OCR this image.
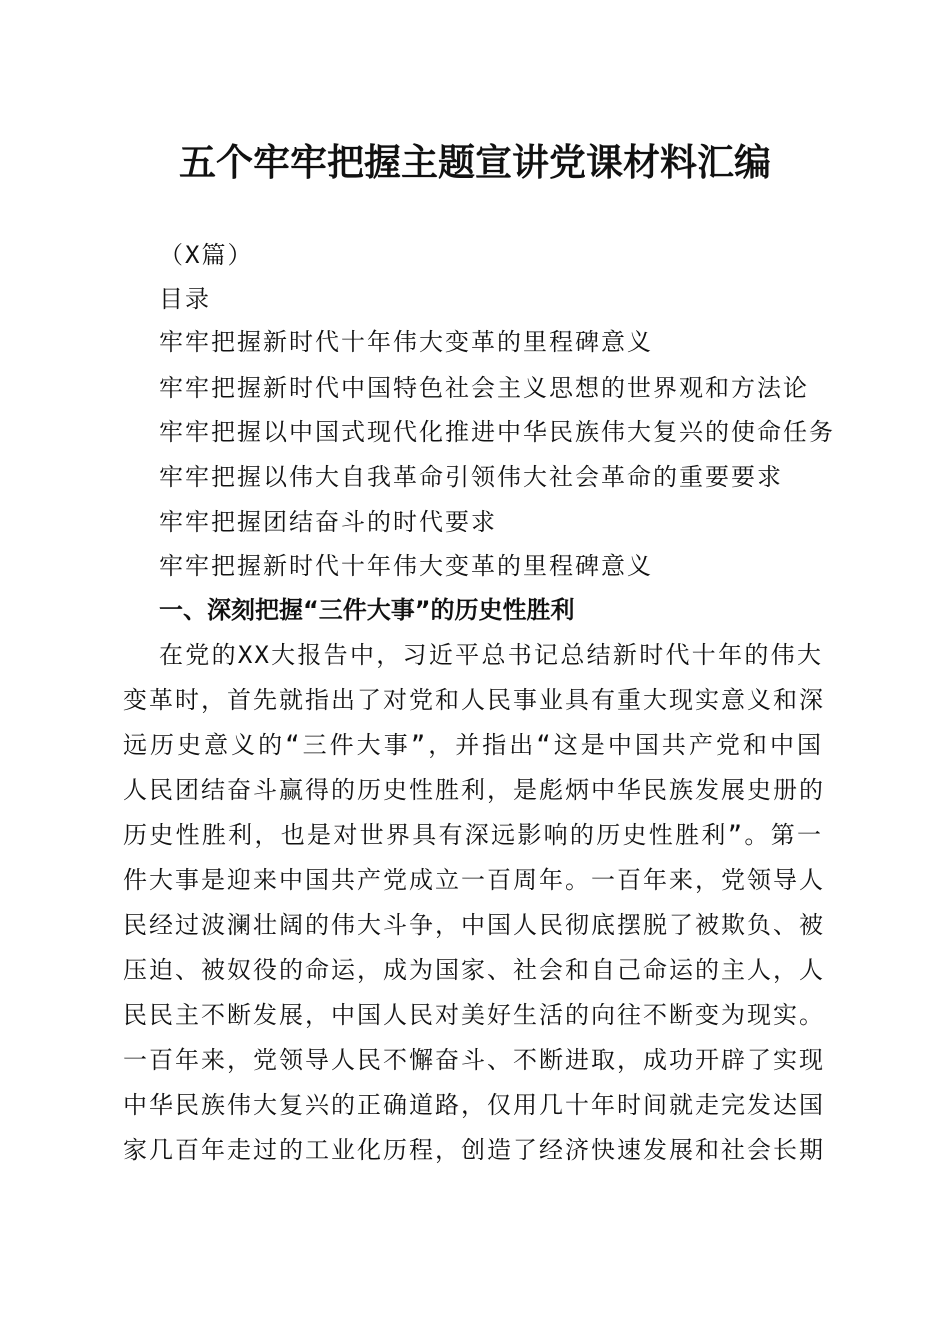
五个牢牢把握主题宣讲党课材料汇编
（X篇）
目录
牢牢把握新时代十年伟大变革的里程碑意义
牢牢把握新时代中国特色社会主义思想的世界观和方法论
牢牢把握以中国式现代化推进中华民族伟大复兴的使命任务
牢牢把握以伟大自我革命引领伟大社会革命的重要要求
牢牢把握团结奋斗的时代要求
牢牢把握新时代十年伟大变革的里程碑意义
一、深刻把握“三件大事”的历史性胜利
在党的XX大报告中，习近平总书记总结新时代十年的伟大
变革时，首先就指出了对党和人民事业具有重大现实意义和深
远历史意义的“三件大事”，并指出“这是中国共产党和中国
人民团结奋斗赢得的历史性胜利，是彪炳中华民族发展史册的
历史性胜利，也是对世界具有深远影响的历史性胜利”。第一
件大事是迎来中国共产党成立一百周年。一百年来，党领导人
民经过波澜壮阔的伟大斗争，中国人民彻底摆脱了被欺负、被
压迫、被奴役的命运，成为国家、社会和自己命运的主人，人
民民主不断发展，中国人民对美好生活的向往不断变为现实。
一百年来，党领导人民不懈奋斗、不断进取，成功开辟了实现
中华民族伟大复兴的正确道路，仅用几十年时间就走完发达国
家几百年走过的工业化历程，创造了经济快速发展和社会长期
